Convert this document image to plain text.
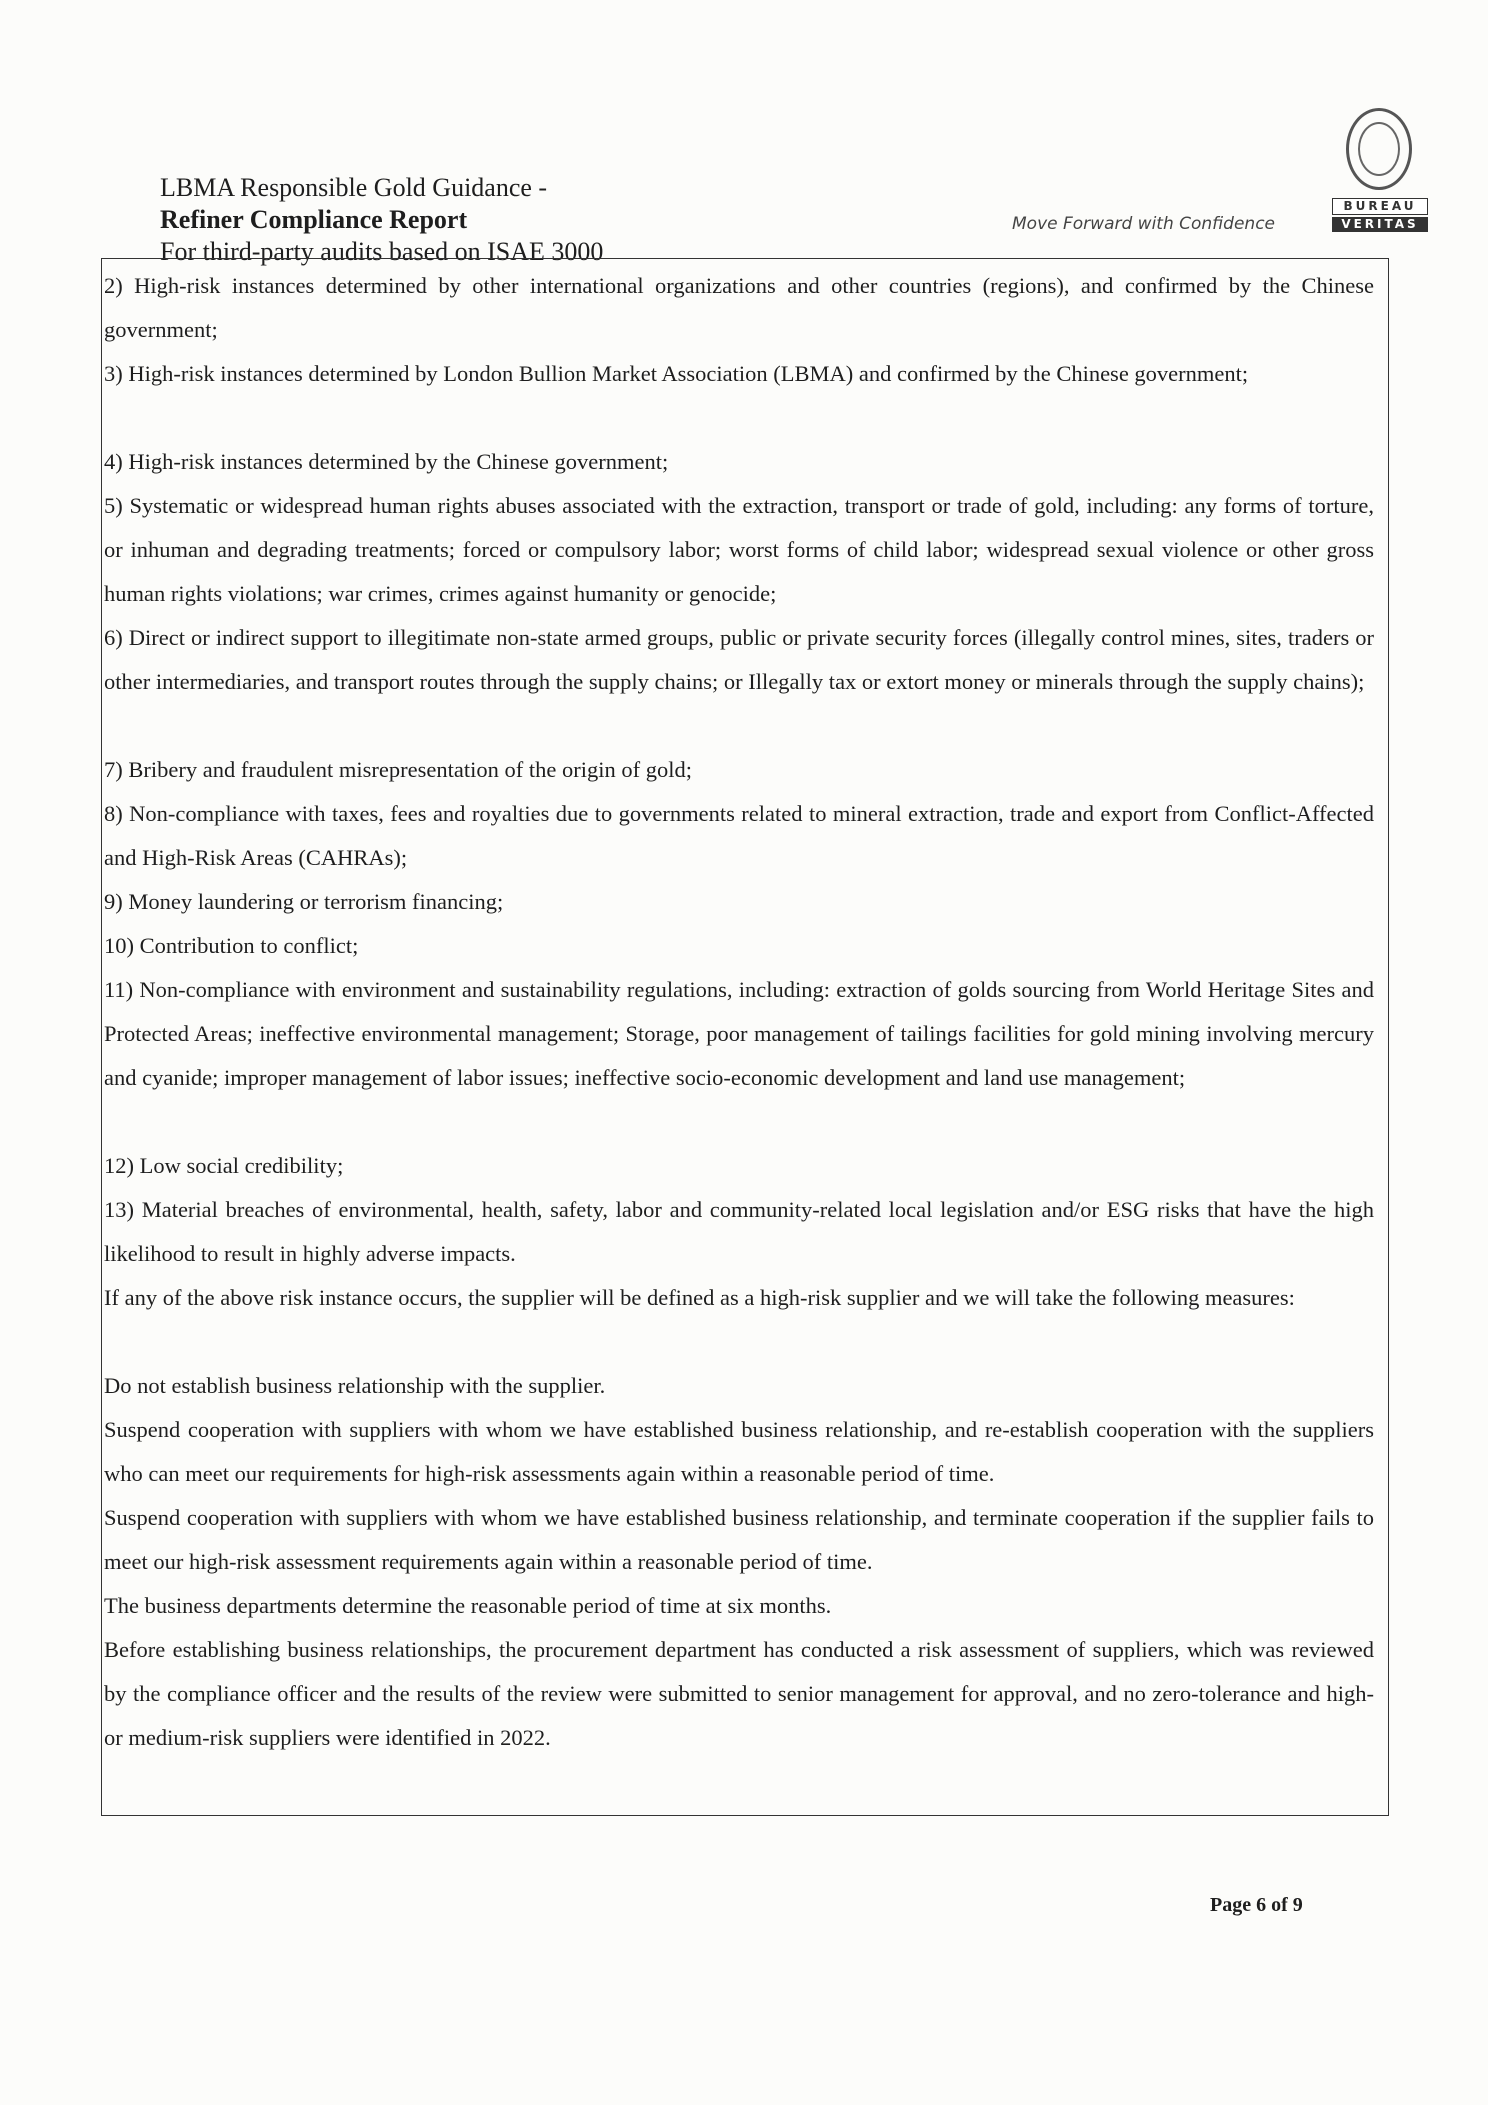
LBMA Responsible Gold Guidance -
Refiner Compliance Report
For third-party audits based on ISAE 3000
Move Forward with Confidence
BUREAU
VERITAS

2) High-risk instances determined by other international organizations and other countries (regions), and confirmed by the Chinese government;

3) High-risk instances determined by London Bullion Market Association (LBMA) and confirmed by the Chinese government;

4) High-risk instances determined by the Chinese government;

5) Systematic or widespread human rights abuses associated with the extraction, transport or trade of gold, including: any forms of torture, or inhuman and degrading treatments; forced or compulsory labor; worst forms of child labor; widespread sexual violence or other gross human rights violations; war crimes, crimes against humanity or genocide;

6) Direct or indirect support to illegitimate non-state armed groups, public or private security forces (illegally control mines, sites, traders or other intermediaries, and transport routes through the supply chains; or Illegally tax or extort money or minerals through the supply chains);

7) Bribery and fraudulent misrepresentation of the origin of gold;

8) Non-compliance with taxes, fees and royalties due to governments related to mineral extraction, trade and export from Conflict-Affected and High-Risk Areas (CAHRAs);

9) Money laundering or terrorism financing;

10) Contribution to conflict;

11) Non-compliance with environment and sustainability regulations, including: extraction of golds sourcing from World Heritage Sites and Protected Areas; ineffective environmental management; Storage, poor management of tailings facilities for gold mining involving mercury and cyanide; improper management of labor issues; ineffective socio-economic development and land use management;

12) Low social credibility;

13) Material breaches of environmental, health, safety, labor and community-related local legislation and/or ESG risks that have the high likelihood to result in highly adverse impacts.

If any of the above risk instance occurs, the supplier will be defined as a high-risk supplier and we will take the following measures:

Do not establish business relationship with the supplier.

Suspend cooperation with suppliers with whom we have established business relationship, and re-establish cooperation with the suppliers who can meet our requirements for high-risk assessments again within a reasonable period of time.

Suspend cooperation with suppliers with whom we have established business relationship, and terminate cooperation if the supplier fails to meet our high-risk assessment requirements again within a reasonable period of time.

The business departments determine the reasonable period of time at six months.

Before establishing business relationships, the procurement department has conducted a risk assessment of suppliers, which was reviewed by the compliance officer and the results of the review were submitted to senior management for approval, and no zero-tolerance and high- or medium-risk suppliers were identified in 2022.

Page 6 of 9
